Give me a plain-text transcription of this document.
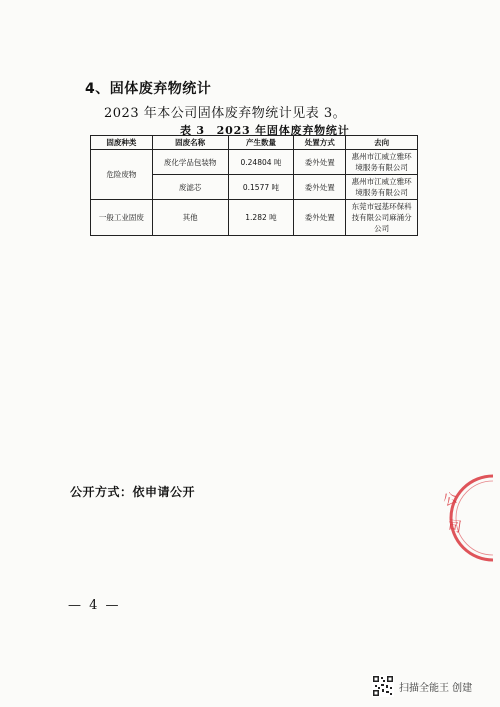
4、固体废弃物统计
2023 年本公司固体废弃物统计见表 3。
表 3　2023 年固体废弃物统计
固废种类	固废名称	产生数量	处置方式	去向
危险废物	废化学品包装物	0.24804 吨	委外处置	惠州市江威立雅环境服务有限公司
	废滤芯	0.1577 吨	委外处置	惠州市江威立雅环境服务有限公司
一般工业固废	其他	1.282 吨	委外处置	东莞市冠基环保科技有限公司麻涌分公司
公开方式：依申请公开	公
司
— 4 —
扫描全能王 创建
